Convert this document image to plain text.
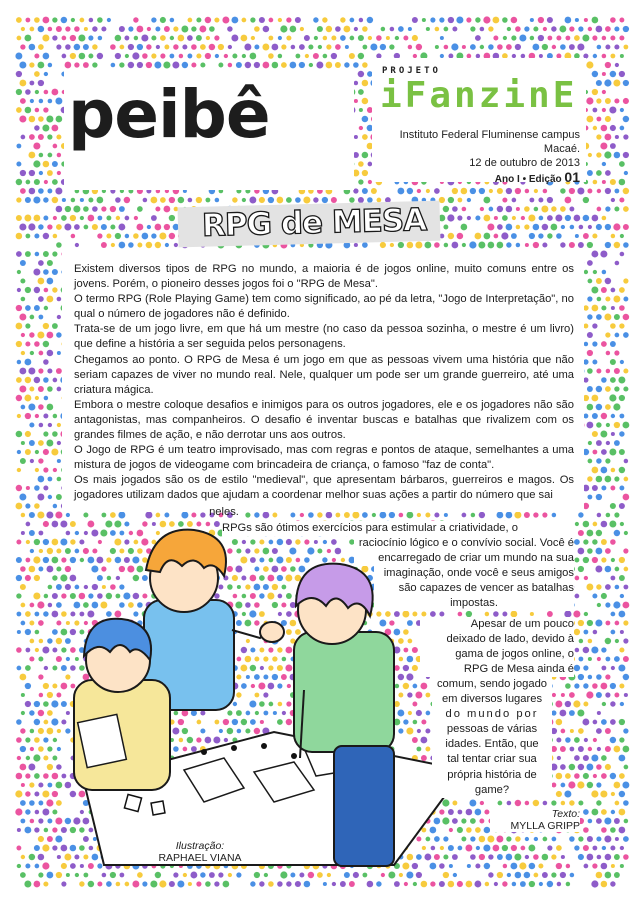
peibê
PROJETO
iFanzinE
Instituto Federal Fluminense campus Macaé.
12 de outubro de 2013
Ano I • Edição 01
RPG de MESA

Existem diversos tipos de RPG no mundo, a maioria é de jogos online, muito comuns entre os jovens. Porém, o pioneiro desses jogos foi o "RPG de Mesa".

O termo RPG (Role Playing Game) tem como significado, ao pé da letra, "Jogo de Interpretação", no qual o número de jogadores não é definido.

Trata-se de um jogo livre, em que há um mestre (no caso da pessoa sozinha, o mestre é um livro) que define a história a ser seguida pelos personagens.

Chegamos ao ponto. O RPG de Mesa é um jogo em que as pessoas vivem uma história que não seriam capazes de viver no mundo real. Nele, qualquer um pode ser um grande guerreiro, até uma criatura mágica.

Embora o mestre coloque desafios e inimigos para os outros jogadores, ele e os jogadores não são antagonistas, mas companheiros. O desafio é inventar buscas e batalhas que rivalizem com os grandes filmes de ação, e não derrotar uns aos outros.

O Jogo de RPG é um teatro improvisado, mas com regras e pontos de ataque, semelhantes a uma mistura de jogos de videogame com brincadeira de criança, o famoso "faz de conta".

Os mais jogados são os de estilo "medieval", que apresentam bárbaros, guerreiros e magos. Os jogadores utilizam dados que ajudam a coordenar melhor suas ações a partir do número que sai

neles.

RPGs são ótimos exercícios para estimular a criatividade, o

raciocínio lógico e o convívio social. Você é
encarregado de criar um mundo na sua
imaginação, onde você e seus amigos
são capazes de vencer as batalhas
impostas.
Apesar de um pouco
deixado de lado, devido à
gama de jogos online, o
RPG de Mesa ainda é
comum, sendo jogado
em diversos lugares
do mundo por
pessoas de várias
idades. Então, que
tal tentar criar sua
própria história de
game?
Texto:
MYLLA GRIPP
Ilustração:
RAPHAEL VIANA
